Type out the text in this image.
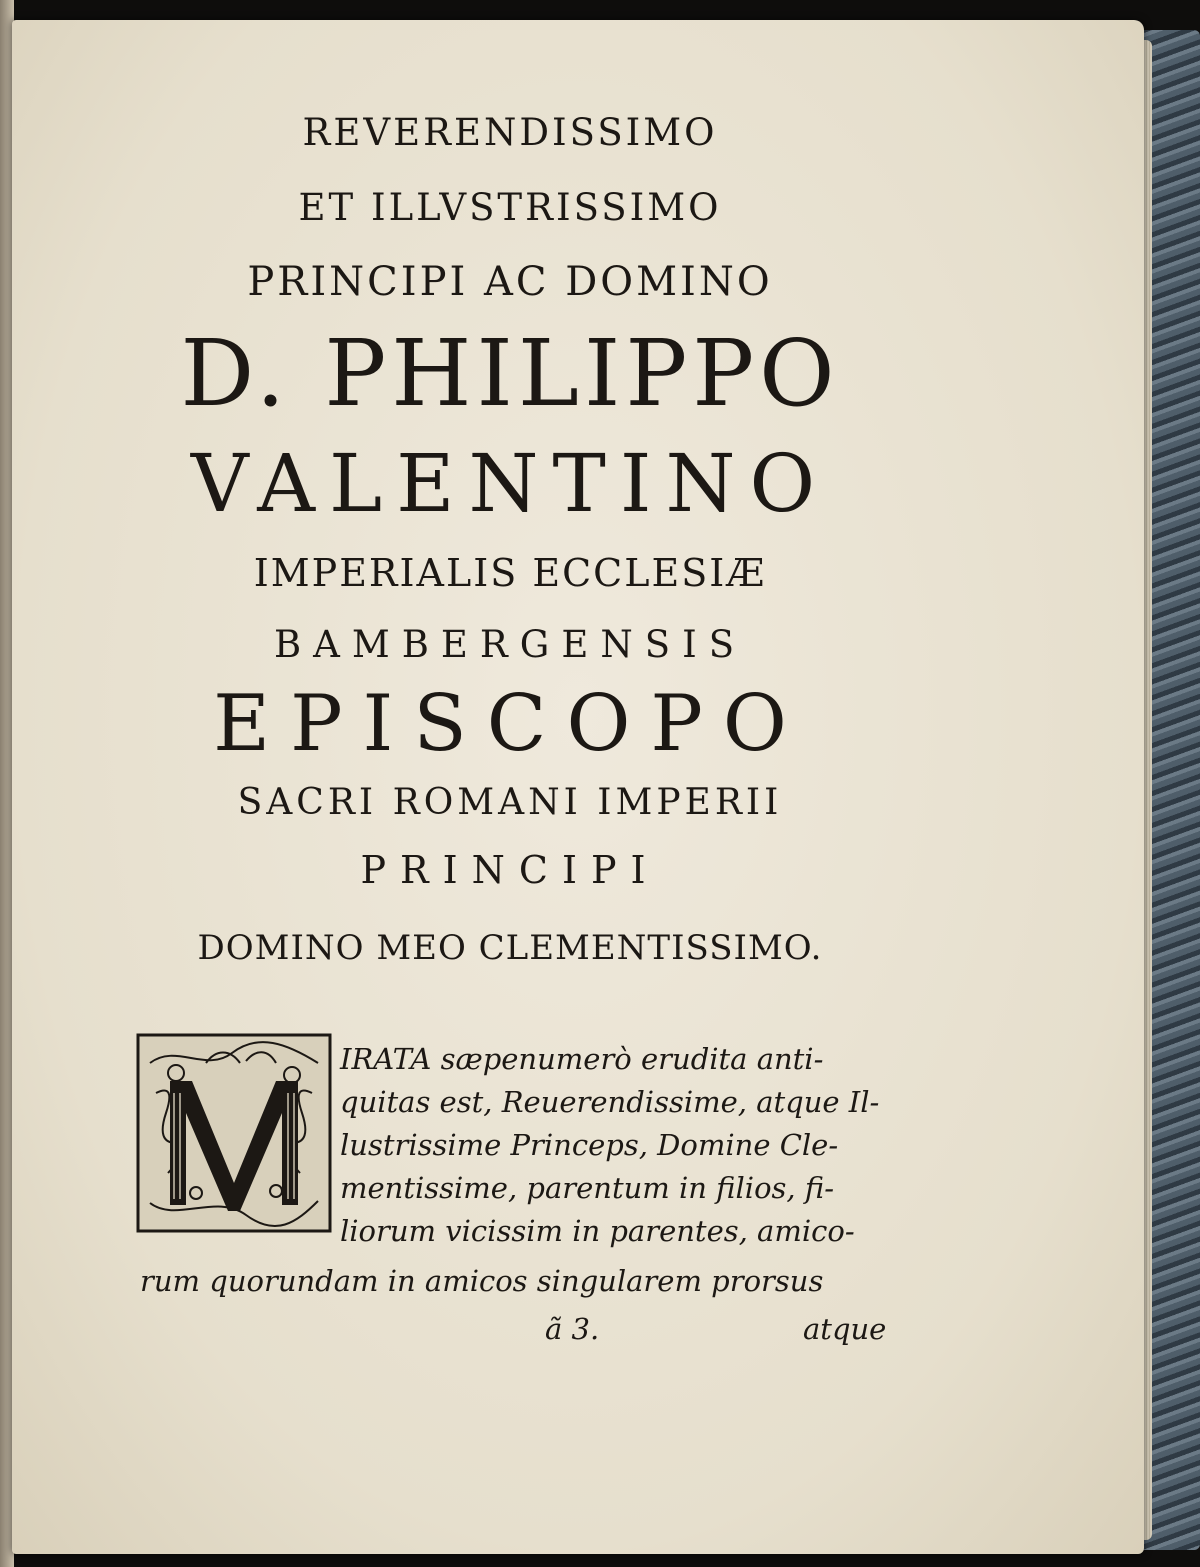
REVERENDISSIMO
ET ILLVSTRISSIMO
PRINCIPI AC DOMINO
D. PHILIPPO
VALENTINO
IMPERIALIS ECCLESIÆ
BAMBERGENSIS
EPISCOPO
SACRI ROMANI IMPERII
PRINCIPI
DOMINO MEO CLEMENTISSIMO.
IRATA sæpenumerò erudita anti-
quitas est, Reuerendissime, atque Il-
lustrissime Princeps, Domine Cle-
mentissime, parentum in filios, fi-
liorum vicissim in parentes, amico-
rum quorundam in amicos singularem prorsus
ã 3.	atque
